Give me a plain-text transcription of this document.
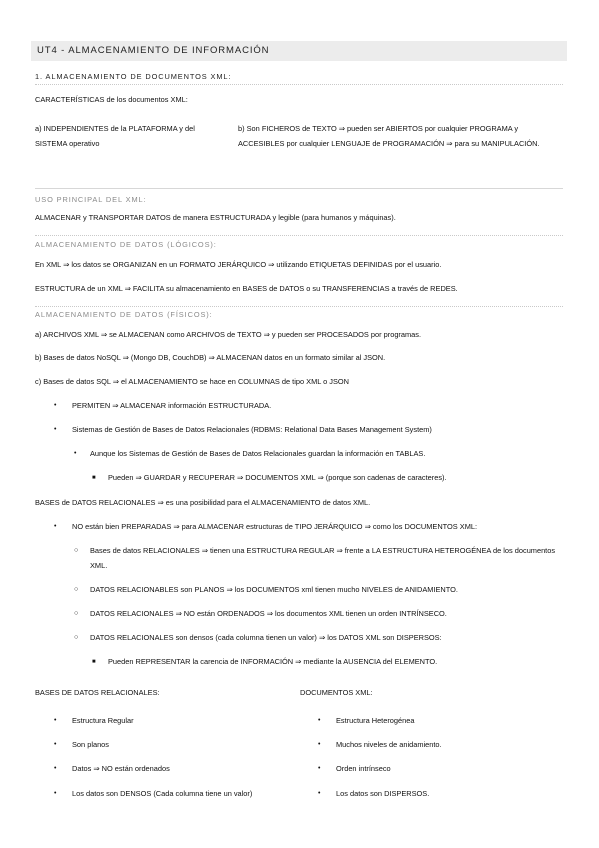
UT4 - ALMACENAMIENTO DE INFORMACIÓN
1. ALMACENAMIENTO DE DOCUMENTOS XML:
CARACTERÍSTICAS de los documentos XML:
a) INDEPENDIENTES de la PLATAFORMA y del SISTEMA operativo
b) Son FICHEROS de TEXTO ⇒ pueden ser ABIERTOS por cualquier PROGRAMA y ACCESIBLES por cualquier LENGUAJE de PROGRAMACIÓN ⇒ para su MANIPULACIÓN.
USO PRINCIPAL DEL XML:
ALMACENAR y TRANSPORTAR DATOS de manera ESTRUCTURADA y legible (para humanos y máquinas).
ALMACENAMIENTO DE DATOS (LÓGICOS):
En XML ⇒ los datos se ORGANIZAN en un FORMATO JERÁRQUICO ⇒ utilizando ETIQUETAS DEFINIDAS por el usuario.
ESTRUCTURA de un XML ⇒ FACILITA su almacenamiento en BASES de DATOS o su TRANSFERENCIAS a través de REDES.
ALMACENAMIENTO DE DATOS (FÍSICOS):
a) ARCHIVOS XML ⇒ se ALMACENAN como ARCHIVOS de TEXTO ⇒ y pueden ser PROCESADOS por programas.
b) Bases de datos NoSQL ⇒ (Mongo DB, CouchDB) ⇒ ALMACENAN datos en un formato similar al JSON.
c) Bases de datos SQL ⇒ el ALMACENAMIENTO se hace en COLUMNAS de tipo XML o JSON
• PERMITEN ⇒ ALMACENAR información ESTRUCTURADA.
• Sistemas de Gestión de Bases de Datos Relacionales (RDBMS: Relational Data Bases Management System)
• Aunque los Sistemas de Gestión de Bases de Datos Relacionales guardan la información en TABLAS.
■ Pueden ⇒ GUARDAR y RECUPERAR ⇒ DOCUMENTOS XML ⇒ (porque son cadenas de caracteres).
BASES de DATOS RELACIONALES ⇒ es una posibilidad para el ALMACENAMIENTO de datos XML.
• NO están bien PREPARADAS ⇒ para ALMACENAR estructuras de TIPO JERÁRQUICO ⇒ como los DOCUMENTOS XML:
○ Bases de datos RELACIONALES ⇒ tienen una ESTRUCTURA REGULAR ⇒ frente a LA ESTRUCTURA HETEROGÉNEA de los documentos XML.
○ DATOS RELACIONABLES son PLANOS ⇒ los DOCUMENTOS xml tienen mucho NIVELES de ANIDAMIENTO.
○ DATOS RELACIONALES ⇒ NO están ORDENADOS ⇒ los documentos XML tienen un orden INTRÍNSECO.
○ DATOS RELACIONALES son densos (cada columna tienen un valor) ⇒ los DATOS XML son DISPERSOS:
■ Pueden REPRESENTAR la carencia de INFORMACIÓN ⇒ mediante la AUSENCIA del ELEMENTO.
BASES DE DATOS RELACIONALES:	DOCUMENTOS XML:
• Estructura Regular
• Son planos
• Datos ⇒ NO están ordenados
• Los datos son DENSOS (Cada columna tiene un valor)
• Estructura Heterogénea
• Muchos niveles de anidamiento.
• Orden intrínseco
• Los datos son DISPERSOS.
